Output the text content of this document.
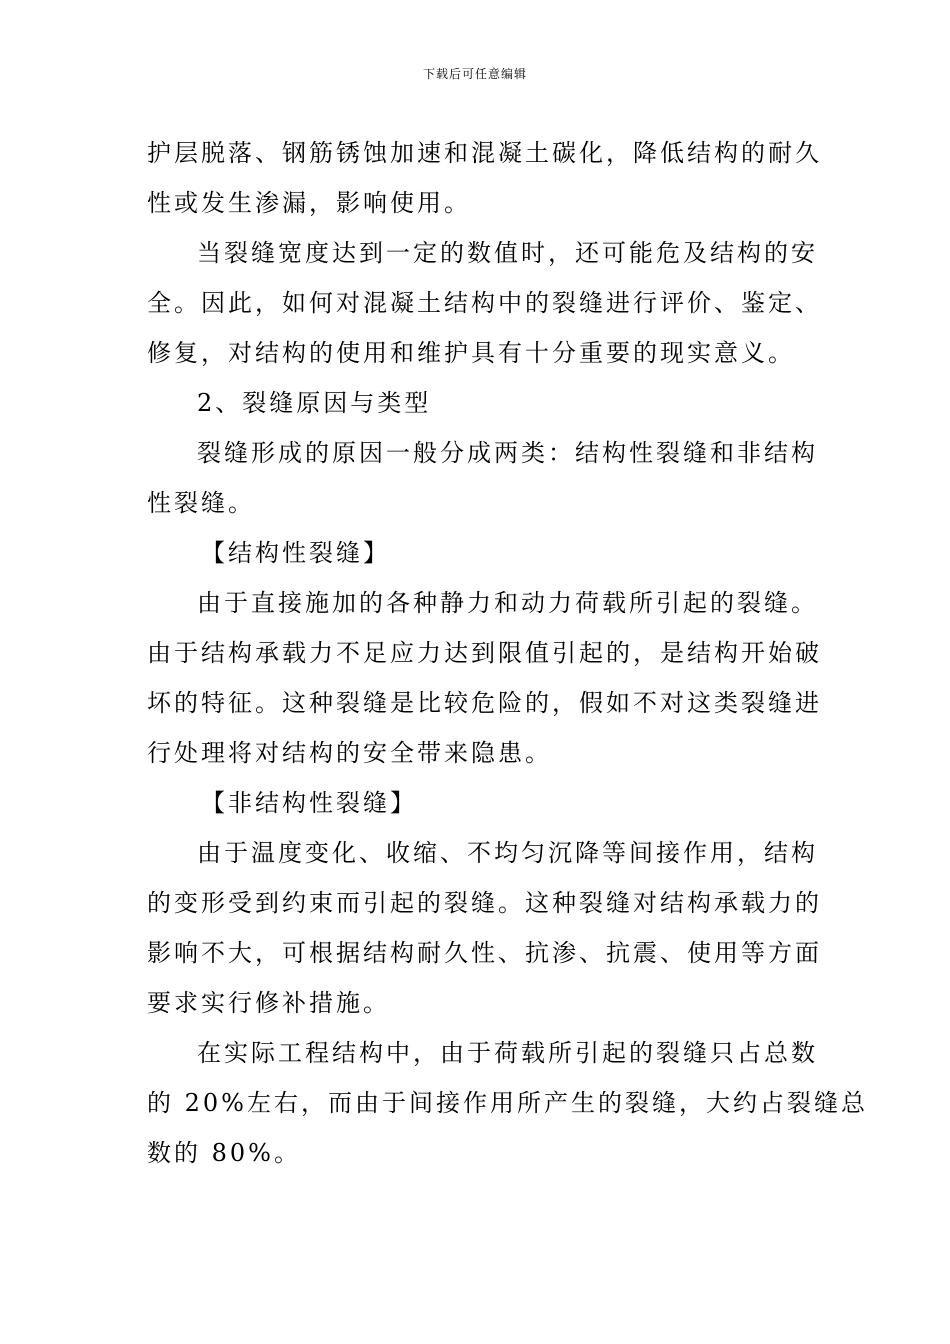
下载后可任意编辑

护层脱落、钢筋锈蚀加速和混凝土碳化，降低结构的耐久

性或发生渗漏，影响使用。

当裂缝宽度达到一定的数值时，还可能危及结构的安

全。因此，如何对混凝土结构中的裂缝进行评价、鉴定、

修复，对结构的使用和维护具有十分重要的现实意义。

2、裂缝原因与类型

裂缝形成的原因一般分成两类：结构性裂缝和非结构

性裂缝。

【结构性裂缝】

由于直接施加的各种静力和动力荷载所引起的裂缝。

由于结构承载力不足应力达到限值引起的，是结构开始破

坏的特征。这种裂缝是比较危险的，假如不对这类裂缝进

行处理将对结构的安全带来隐患。

【非结构性裂缝】

由于温度变化、收缩、不均匀沉降等间接作用，结构

的变形受到约束而引起的裂缝。这种裂缝对结构承载力的

影响不大，可根据结构耐久性、抗渗、抗震、使用等方面

要求实行修补措施。

在实际工程结构中，由于荷载所引起的裂缝只占总数

的 20%左右，而由于间接作用所产生的裂缝，大约占裂缝总

数的 80%。
